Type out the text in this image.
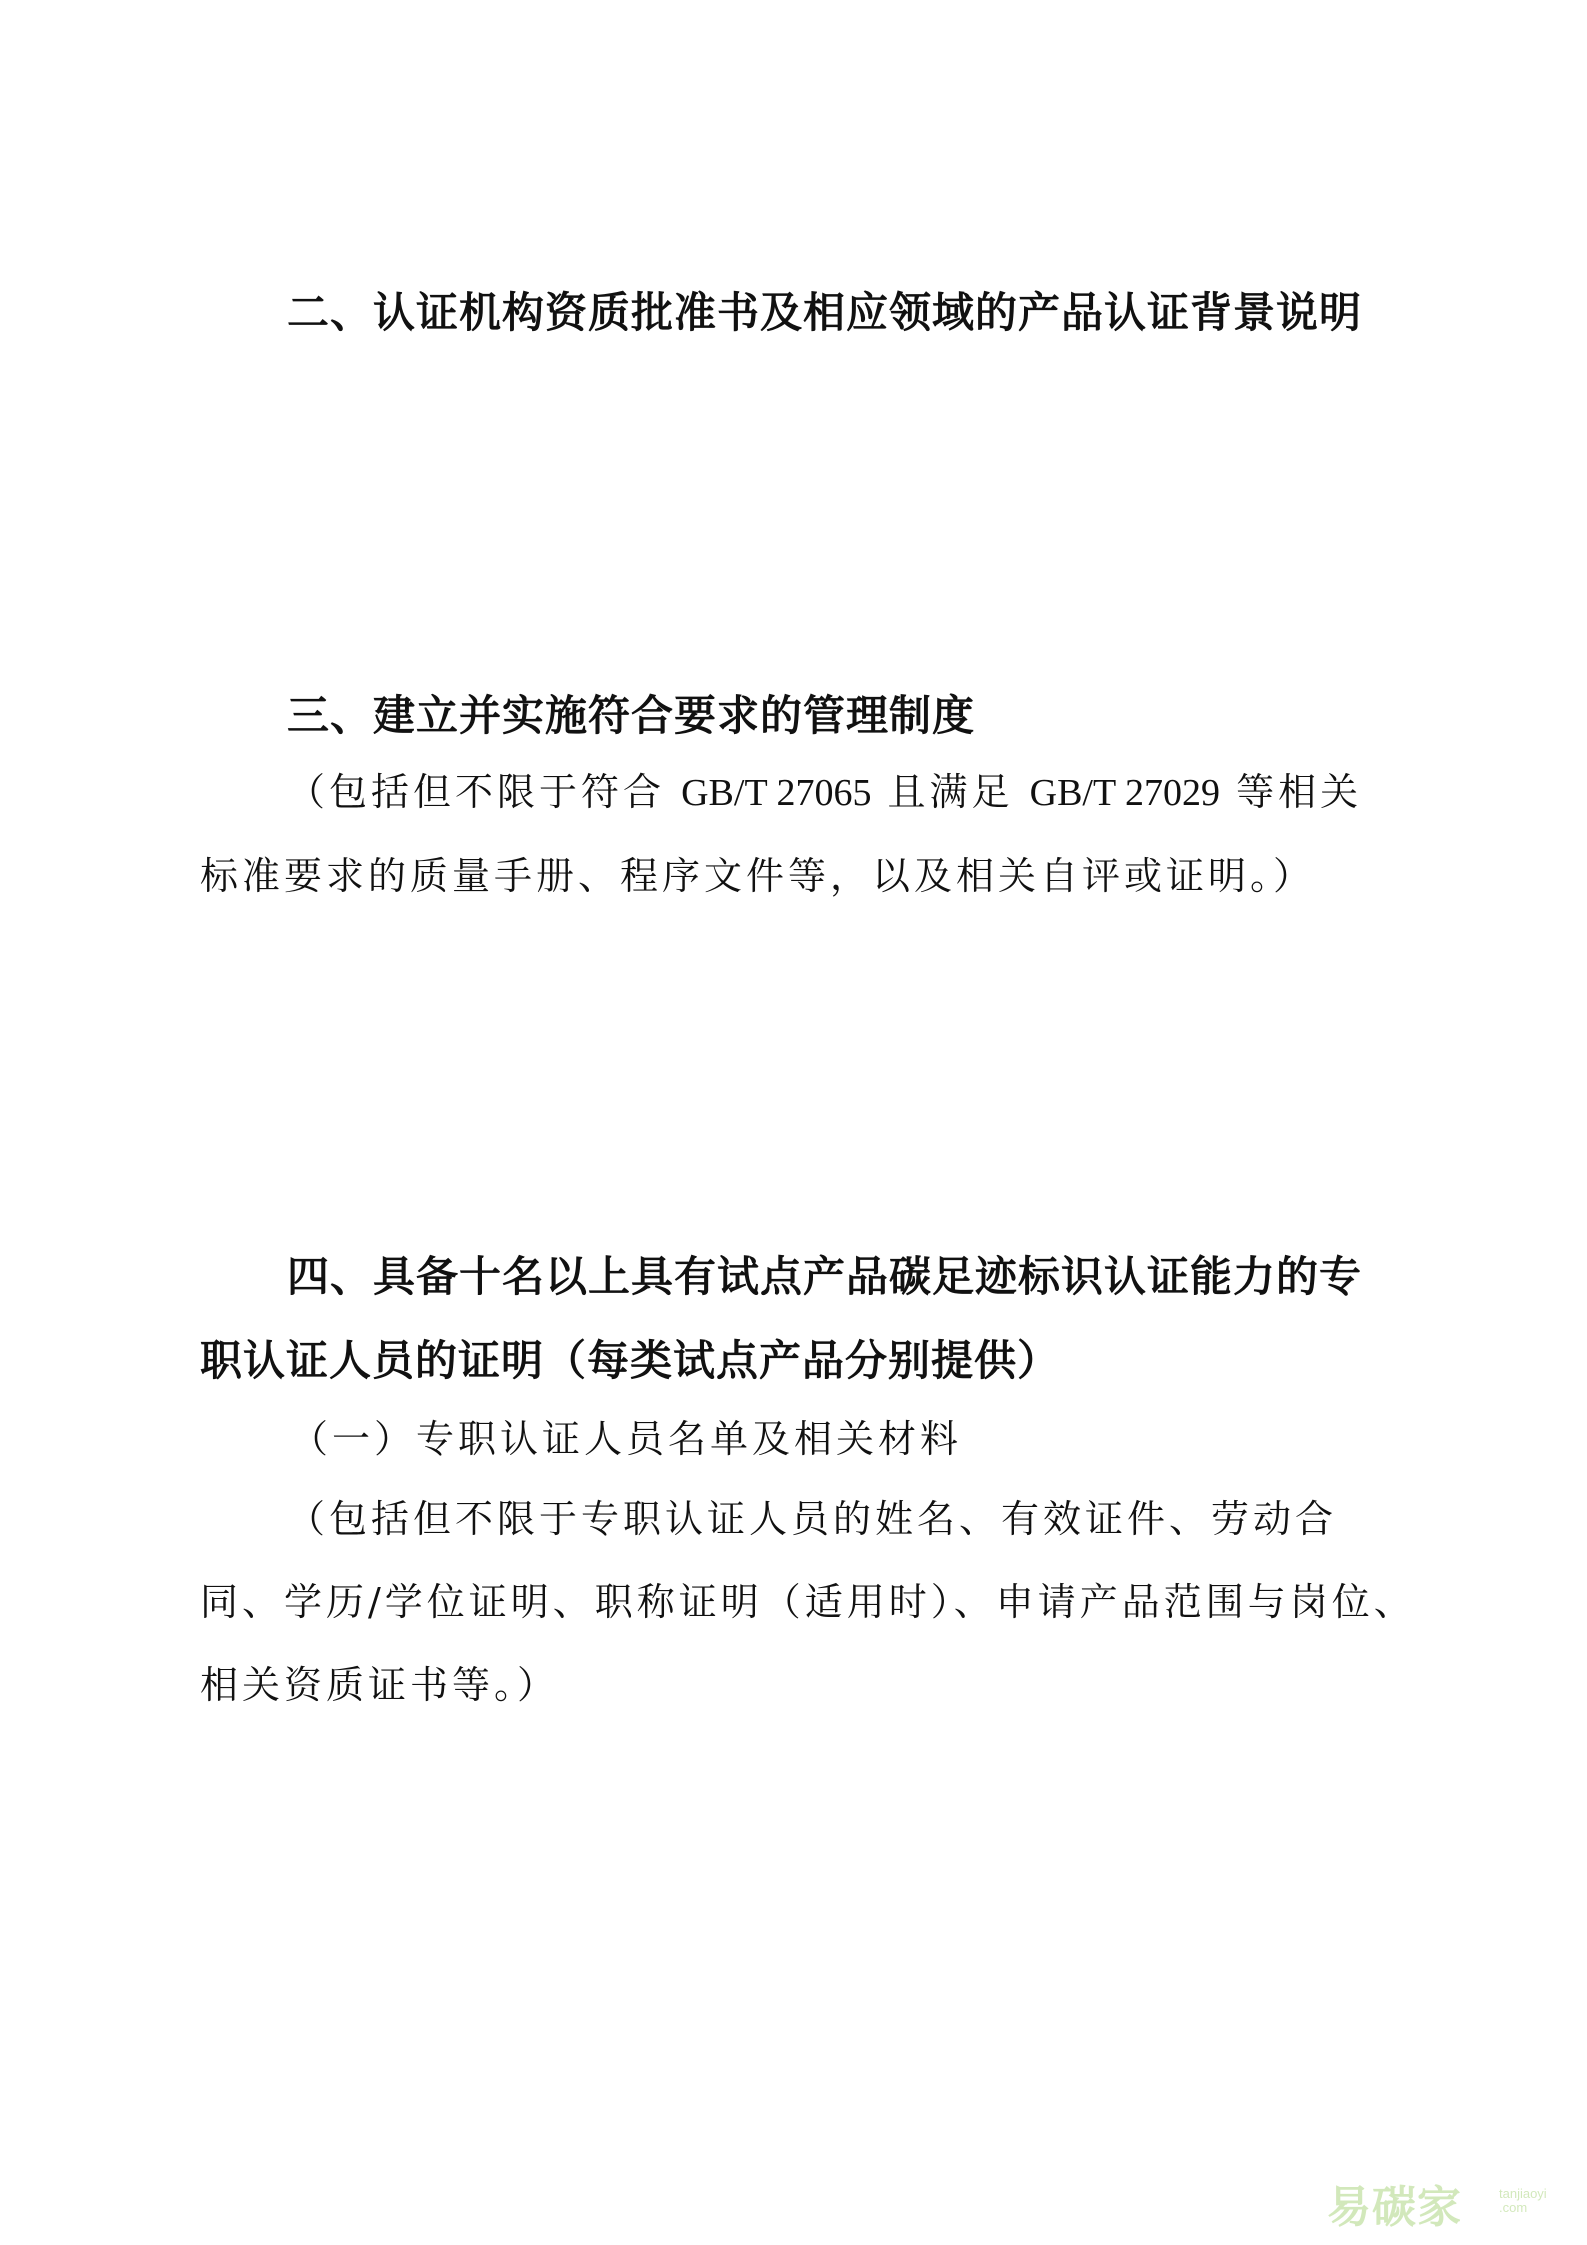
二、认证机构资质批准书及相应领域的产品认证背景说明
三、建立并实施符合要求的管理制度
（包括但不限于符合 GB/T 27065 且满足 GB/T 27029 等相关
标准要求的质量手册、程序文件等，以及相关自评或证明。）
四、具备十名以上具有试点产品碳足迹标识认证能力的专
职认证人员的证明（每类试点产品分别提供）
（一）专职认证人员名单及相关材料
（包括但不限于专职认证人员的姓名、有效证件、劳动合
同、学历/学位证明、职称证明（适用时）、申请产品范围与岗位、
相关资质证书等。）
易碳家	tanjiaoyi .com
